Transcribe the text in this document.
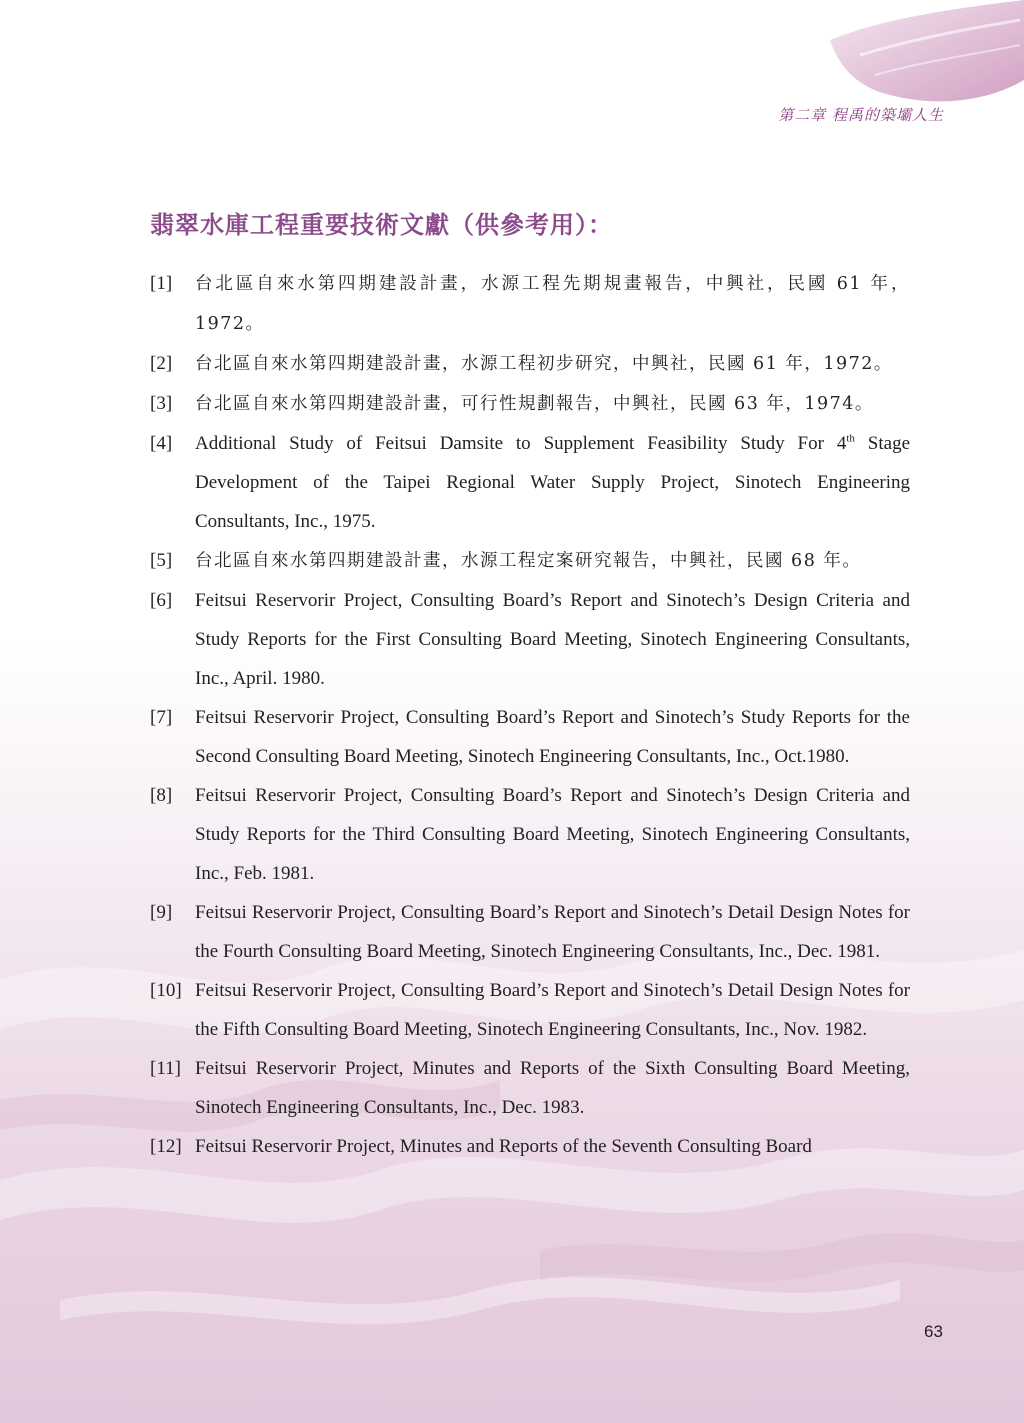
第二章 程禹的築壩人生
翡翠水庫工程重要技術文獻（供參考用）：

[1] 台北區自來水第四期建設計畫，水源工程先期規畫報告，中興社，民國 61 年，1972。

[2] 台北區自來水第四期建設計畫，水源工程初步研究，中興社，民國 61 年，1972。

[3] 台北區自來水第四期建設計畫，可行性規劃報告，中興社，民國 63 年，1974。

[4] Additional Study of Feitsui Damsite to Supplement Feasibility Study For 4th Stage Development of the Taipei Regional Water Supply Project, Sinotech Engineering Consultants, Inc., 1975.

[5] 台北區自來水第四期建設計畫，水源工程定案研究報告，中興社，民國 68 年。

[6] Feitsui Reservorir Project, Consulting Board’s Report and Sinotech’s Design Criteria and Study Reports for the First Consulting Board Meeting, Sinotech Engineering Consultants, Inc., April. 1980.

[7] Feitsui Reservorir Project, Consulting Board’s Report and Sinotech’s Study Reports for the Second Consulting Board Meeting, Sinotech Engineering Consultants, Inc., Oct.1980.

[8] Feitsui Reservorir Project, Consulting Board’s Report and Sinotech’s Design Criteria and Study Reports for the Third Consulting Board Meeting, Sinotech Engineering Consultants, Inc., Feb. 1981.

[9] Feitsui Reservorir Project, Consulting Board’s Report and Sinotech’s Detail Design Notes for the Fourth Consulting Board Meeting, Sinotech Engineering Consultants, Inc., Dec. 1981.

[10] Feitsui Reservorir Project, Consulting Board’s Report and Sinotech’s Detail Design Notes for the Fifth Consulting Board Meeting, Sinotech Engineering Consultants, Inc., Nov. 1982.

[11] Feitsui Reservorir Project, Minutes and Reports of the Sixth Consulting Board Meeting, Sinotech Engineering Consultants, Inc., Dec. 1983.

[12] Feitsui Reservorir Project, Minutes and Reports of the Seventh Consulting Board

63
